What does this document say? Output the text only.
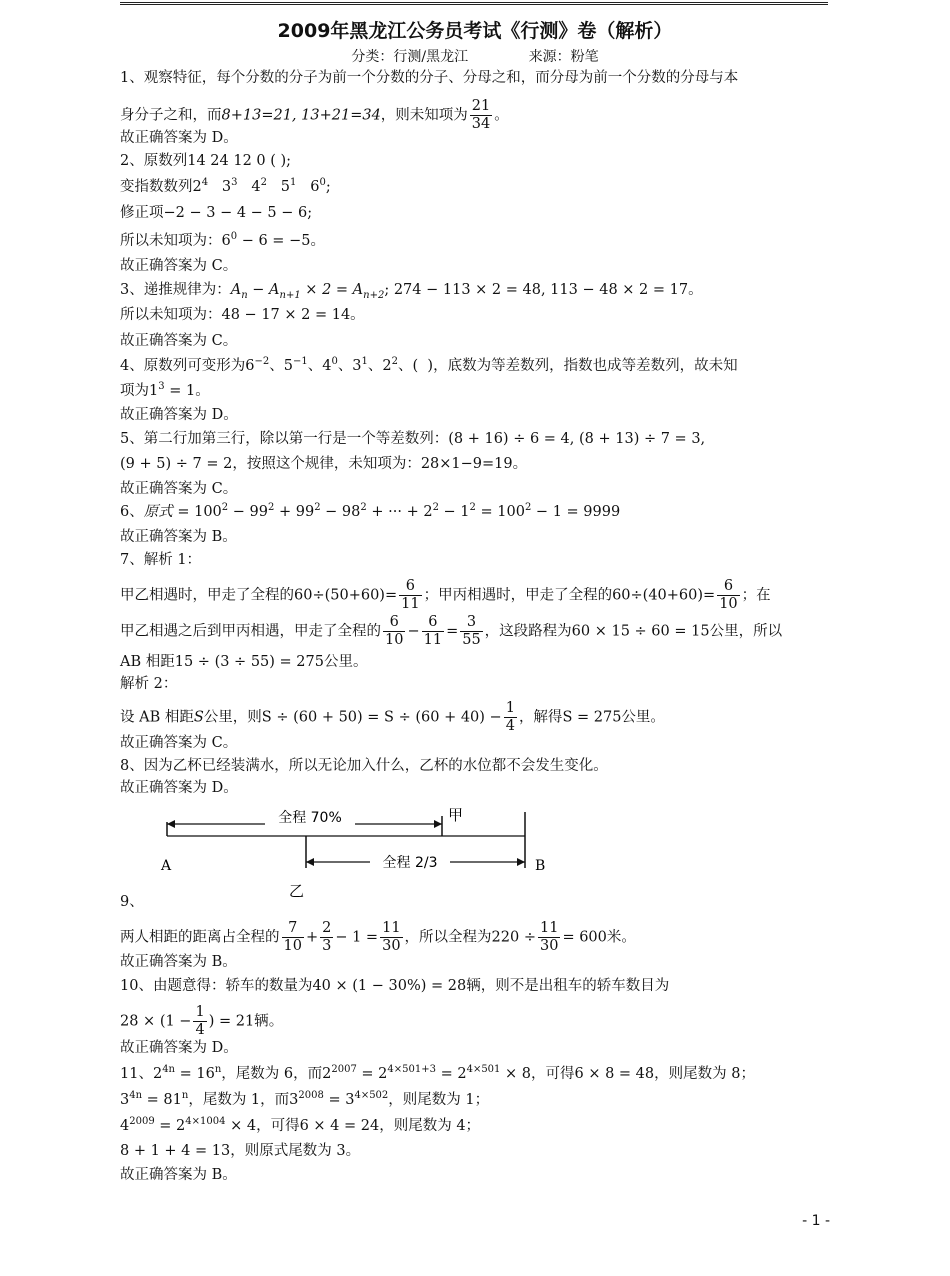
2009年黑龙江公务员考试《行测》卷（解析）
分类：行测/黑龙江	来源：粉笔
1、观察特征，每个分数的分子为前一个分数的分子、分母之和，而分母为前一个分数的分母与本
身分子之和，而8+13=21, 13+21=34，则未知项为 $\frac{21}{34}$ 。
故正确答案为 D。
2、原数列14 24 12 0 ( );
变指数数列$2^4$   $3^3$   $4^2$   $5^1$   $6^0$;
修正项−2 − 3 − 4 − 5 − 6;
所以未知项为：$6^0 - 6 = -5$。
故正确答案为 C。
3、递推规律为：$A_n - A_{n+1} \times 2 = A_{n+2}$; 274 − 113 × 2 = 48, 113 − 48 × 2 = 17。
所以未知项为：48 − 17 × 2 = 14。
故正确答案为 C。
4、原数列可变形为$6^{-2}$、$5^{-1}$、$4^0$、$3^1$、$2^2$、(  )，底数为等差数列，指数也成等差数列，故未知
项为$1^3 = 1$。
故正确答案为 D。
5、第二行加第三行，除以第一行是一个等差数列：(8 + 16) ÷ 6 = 4, (8 + 13) ÷ 7 = 3,
(9 + 5) ÷ 7 = 2，按照这个规律，未知项为：28×1−9=19。
故正确答案为 C。
6、原式 = $100^2 - 99^2 + 99^2 - 98^2$ + ··· + $2^2 - 1^2 = 100^2 - 1 = 9999$
故正确答案为 B。
7、解析 1：
甲乙相遇时，甲走了全程的$60\div(50+60)= \frac{6}{11}$ ；甲丙相遇时，甲走了全程的$60\div(40+60)= \frac{6}{10}$ ；在
甲乙相遇之后到甲丙相遇，甲走了全程的 $\frac{6}{10} - \frac{6}{11} = \frac{3}{55}$ ，这段路程为60 × 15 ÷ 60 = 15公里，所以
AB 相距15 ÷ (3 ÷ 55) = 275公里。
解析 2：
设 AB 相距S公里，则$S \div (60 + 50) = S \div (60 + 40) - \frac{1}{4}$ ，解得S = 275公里。
故正确答案为 C。
8、因为乙杯已经装满水，所以无论加入什么，乙杯的水位都不会发生变化。
故正确答案为 D。
全程 70%	甲
A	全程 2/3	B
乙
9、
两人相距的距离占全程的 $\frac{7}{10} + \frac{2}{3} - 1 = \frac{11}{30}$ ，所以全程为$220 \div \frac{11}{30} = 600$米。
故正确答案为 B。
10、由题意得：轿车的数量为40 × (1 − 30%) = 28辆，则不是出租车的轿车数目为
$28 \times (1 - \frac{1}{4}$ ) = 21辆。
故正确答案为 D。
11、$2^{4n} = 16^n$，尾数为 6，而$2^{2007} = 2^{4\times 501+3} = 2^{4\times 501} \times 8$，可得6 × 8 = 48，则尾数为 8；
$3^{4n} = 81^n$，尾数为 1，而$3^{2008} = 3^{4\times 502}$，则尾数为 1；
$4^{2009} = 2^{4\times 1004} \times 4$，可得6 × 4 = 24，则尾数为 4；
8 + 1 + 4 = 13，则原式尾数为 3。
故正确答案为 B。
- 1 -
